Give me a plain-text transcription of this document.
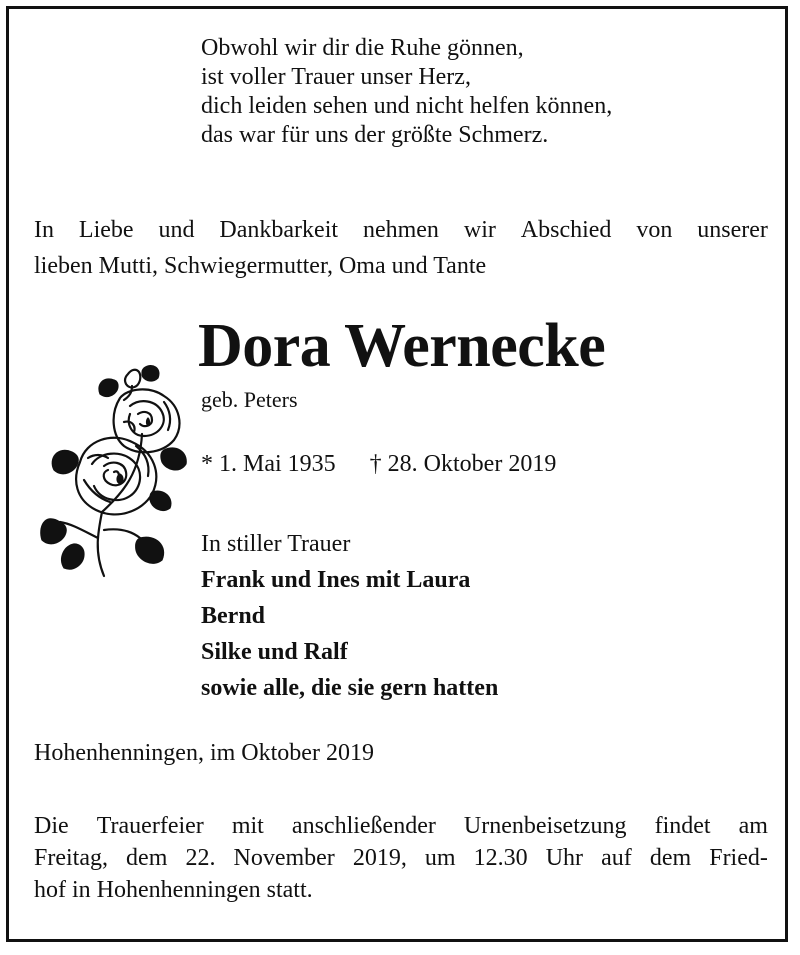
Obwohl wir dir die Ruhe gönnen,
ist voller Trauer unser Herz,
dich leiden sehen und nicht helfen können,
das war für uns der größte Schmerz.
In Liebe und Dankbarkeit nehmen wir Abschied von unserer
lieben Mutti, Schwiegermutter, Oma und Tante
Dora Wernecke
geb. Peters
* 1. Mai 1935 † 28. Oktober 2019
In stiller Trauer
Frank und Ines mit Laura
Bernd
Silke und Ralf
sowie alle, die sie gern hatten
Hohenhenningen, im Oktober 2019
Die Trauerfeier mit anschließender Urnenbeisetzung findet am
Freitag, dem 22. November 2019, um 12.30 Uhr auf dem Fried-
hof in Hohenhenningen statt.
